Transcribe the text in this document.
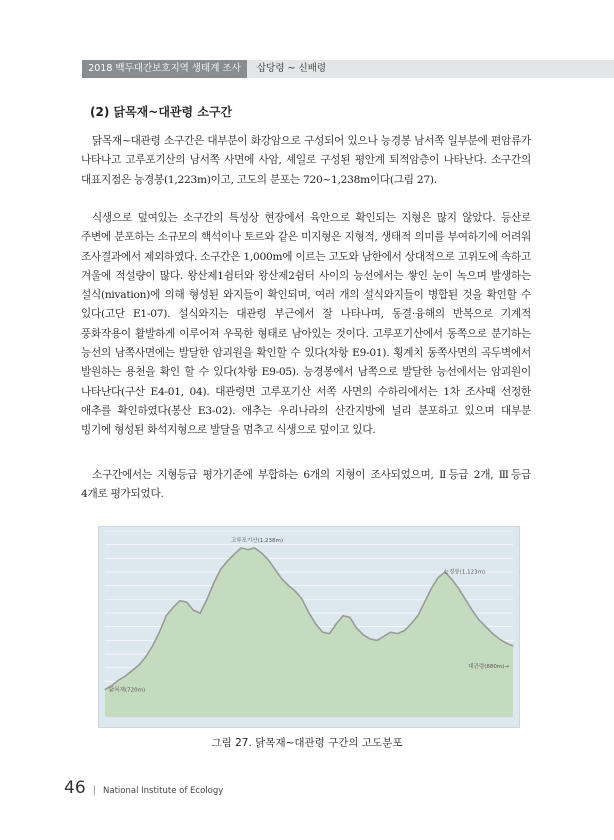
2018 백두대간보호지역 생태계 조사	삽당령 ~ 신배령
(2) 닭목재~대관령 소구간

닭목재~대관령 소구간은 대부분이 화강암으로 구성되어 있으나 능경봉 남서쪽 일부분에 편암류가 나타나고 고루포기산의 남서쪽 사면에 사암, 셰일로 구성된 평안계 퇴적암층이 나타난다. 소구간의 대표지점은 능경봉(1,223m)이고, 고도의 분포는 720~1,238m이다(그림 27).

식생으로 덮여있는 소구간의 특성상 현장에서 육안으로 확인되는 지형은 많지 않았다. 등산로 주변에 분포하는 소규모의 핵석이나 토르와 같은 미지형은 지형적, 생태적 의미를 부여하기에 어려워 조사결과에서 제외하였다. 소구간은 1,000m에 이르는 고도와 남한에서 상대적으로 고위도에 속하고 겨울에 적설량이 많다. 왕산제1쉼터와 왕산제2쉼터 사이의 능선에서는 쌓인 눈이 녹으며 발생하는 설식(nivation)에 의해 형성된 와지들이 확인되며, 여러 개의 설식와지들이 병합된 것을 확인할 수 있다(고단 E1-07). 설식와지는 대관령 부근에서 잘 나타나며, 동결·융해의 반복으로 기계적 풍화작용이 활발하게 이루어져 우묵한 형태로 남아있는 것이다. 고루포기산에서 동쪽으로 분기하는 능선의 남쪽사면에는 발달한 암괴원을 확인할 수 있다(차항 E9-01). 횡계치 동쪽사면의 곡두벽에서 발원하는 용천을 확인 할 수 있다(차항 E9-05). 능경봉에서 남쪽으로 발달한 능선에서는 암괴원이 나타난다(구산 E4-01, 04). 대관령면 고루포기산 서쪽 사면의 수하리에서는 1차 조사때 선정한 애추를 확인하였다(봉산 E3-02). 애추는 우리나라의 산간지방에 널리 분포하고 있으며 대부분 빙기에 형성된 화석지형으로 발달을 멈추고 식생으로 덮이고 있다.

소구간에서는 지형등급 평가기준에 부합하는 6개의 지형이 조사되었으며, Ⅱ등급 2개, Ⅲ등급 4개로 평가되었다.

고루포기산(1,238m)
능경봉(1,123m)
대관령(880m)→
닭목재(720m)
그림 27. 닭목재~대관령 구간의 고도분포
46 | National Institute of Ecology
